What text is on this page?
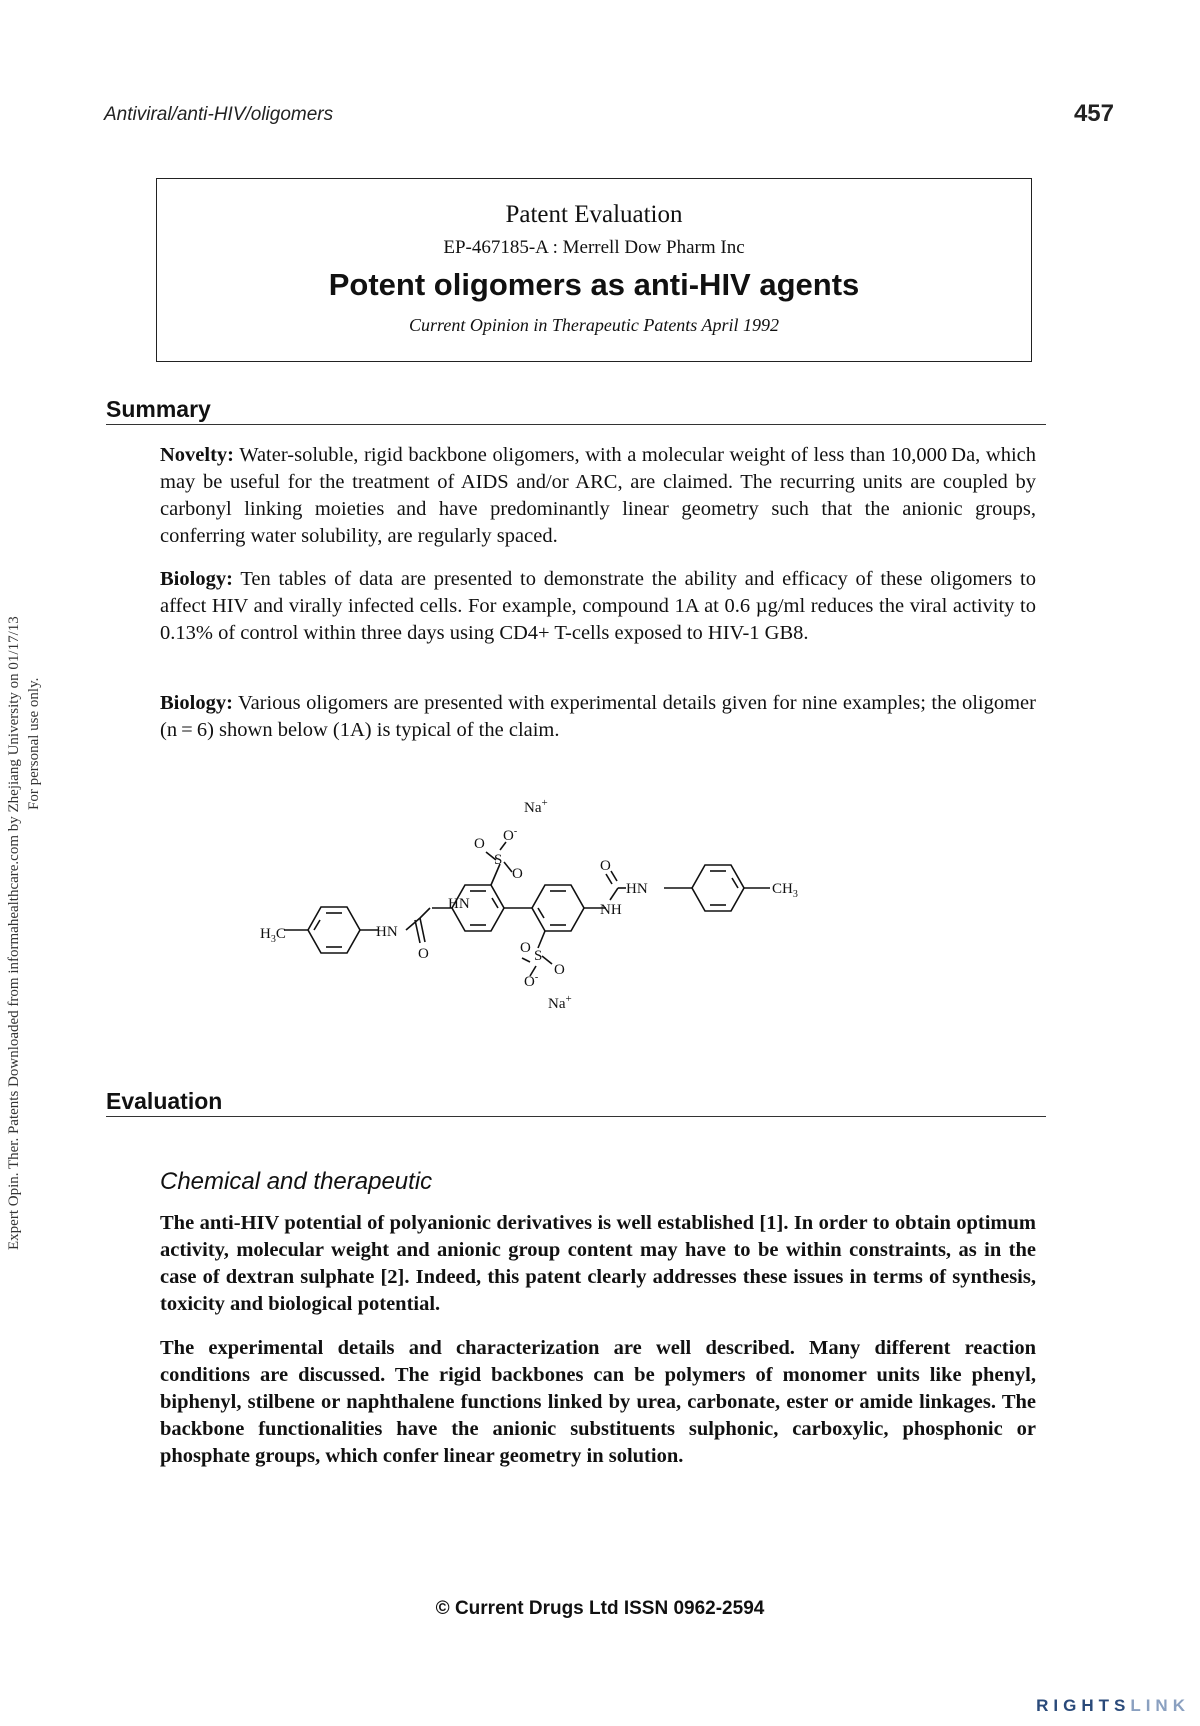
Expert Opin. Ther. Patents Downloaded from informahealthcare.com by Zhejiang University on 01/17/13 For personal use only.
Antiviral/anti-HIV/oligomers	457
Patent Evaluation
EP-467185-A : Merrell Dow Pharm Inc
Potent oligomers as anti-HIV agents
Current Opinion in Therapeutic Patents April 1992
Summary

Novelty: Water-soluble, rigid backbone oligomers, with a molecular weight of less than 10,000 Da, which may be useful for the treatment of AIDS and/or ARC, are claimed. The recurring units are coupled by carbonyl linking moieties and have predominantly linear geometry such that the anionic groups, conferring water solubility, are regularly spaced.

Biology: Ten tables of data are presented to demonstrate the ability and efficacy of these oligomers to affect HIV and virally infected cells. For example, compound 1A at 0.6 µg/ml reduces the viral activity to 0.13% of control within three days using CD4+ T-cells exposed to HIV-1 GB8.

Biology: Various oligomers are presented with experimental details given for nine examples; the oligomer (n = 6) shown below (1A) is typical of the claim.

$H_3C$	HN
O
HN
O
S
O
O-
Na+
O S
O
O-
Na+
O
HN
NH
$CH_3$
Evaluation
Chemical and therapeutic

The anti-HIV potential of polyanionic derivatives is well established [1]. In order to obtain optimum activity, molecular weight and anionic group content may have to be within constraints, as in the case of dextran sulphate [2]. Indeed, this patent clearly addresses these issues in terms of synthesis, toxicity and biological potential.

The experimental details and characterization are well described. Many different reaction conditions are discussed. The rigid backbones can be polymers of monomer units like phenyl, biphenyl, stilbene or naphthalene functions linked by urea, carbonate, ester or amide linkages. The backbone functionalities have the anionic substituents sulphonic, carboxylic, phosphonic or phosphate groups, which confer linear geometry in solution.

© Current Drugs Ltd ISSN 0962-2594
RIGHTSLINK
